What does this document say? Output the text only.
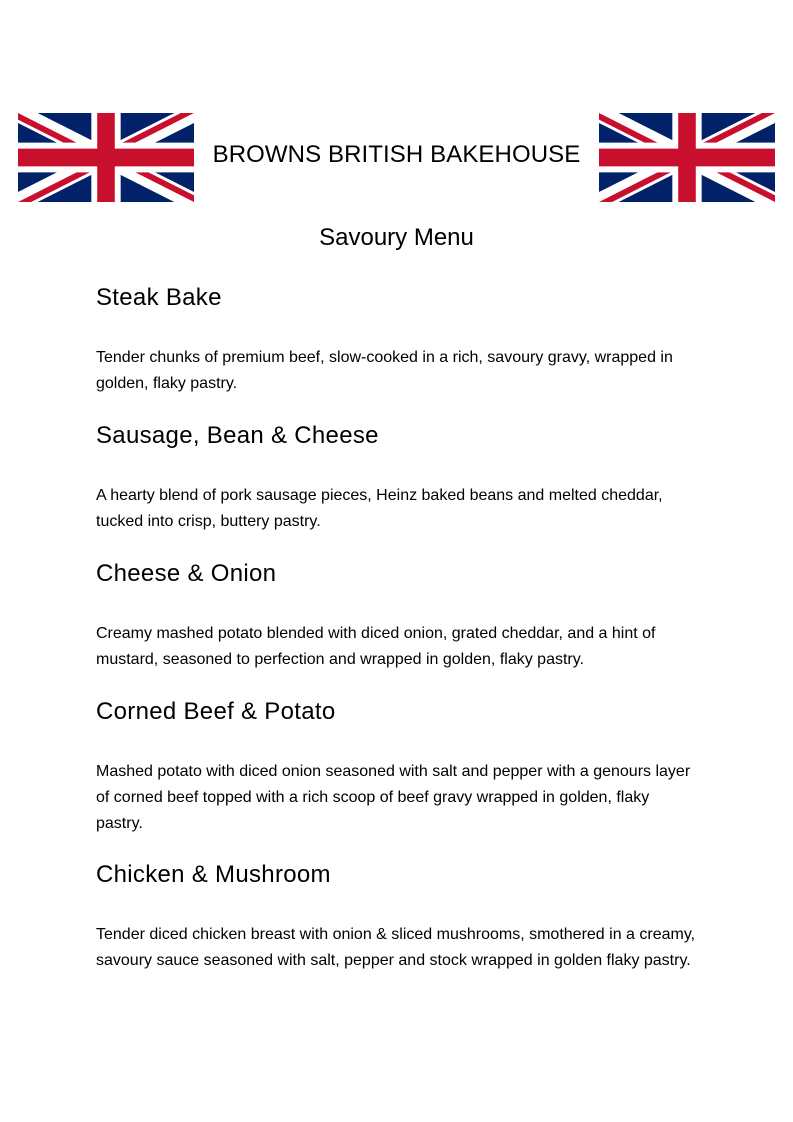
BROWNS BRITISH BAKEHOUSE
Savoury Menu
Steak Bake

Tender chunks of premium beef, slow-cooked in a rich, savoury gravy, wrapped in golden, flaky pastry.

Sausage, Bean & Cheese

A hearty blend of pork sausage pieces, Heinz baked beans and melted cheddar, tucked into crisp, buttery pastry.

Cheese & Onion

Creamy mashed potato blended with diced onion, grated cheddar, and a hint of mustard, seasoned to perfection and wrapped in golden, flaky pastry.

Corned Beef & Potato

Mashed potato with diced onion seasoned with salt and pepper with a genours layer of corned beef topped with a rich scoop of beef gravy wrapped in golden, flaky pastry.

Chicken & Mushroom

Tender diced chicken breast with onion & sliced mushrooms, smothered in a creamy, savoury sauce seasoned with salt, pepper and stock wrapped in golden flaky pastry.
